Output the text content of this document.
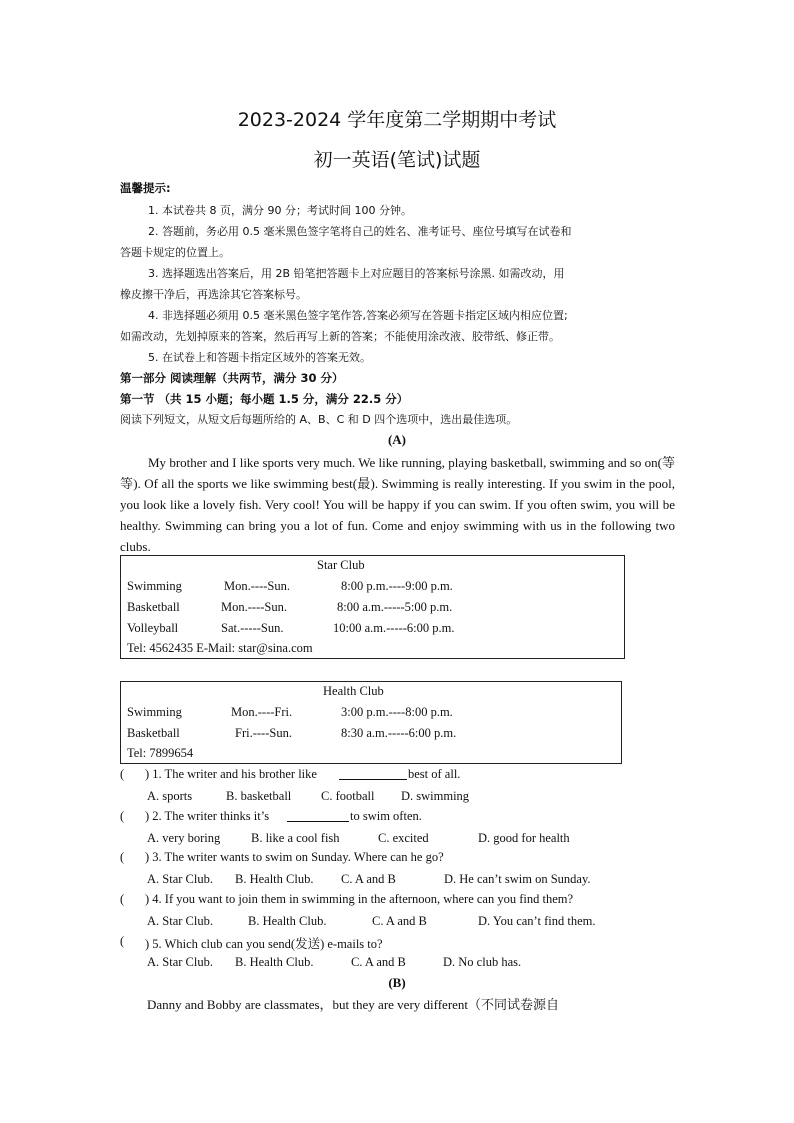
2023-2024 学年度第二学期期中考试
初一英语(笔试)试题
温馨提示:
1. 本试卷共 8 页，满分 90 分；考试时间 100 分钟。
2. 答题前，务必用 0.5 毫米黑色签字笔将自己的姓名、准考证号、座位号填写在试卷和
答题卡规定的位置上。
3. 选择题选出答案后，用 2B 铅笔把答题卡上对应题目的答案标号涂黑. 如需改动，用
橡皮擦干净后，再选涂其它答案标号。
4. 非选择题必须用 0.5 毫米黑色签字笔作答,答案必须写在答题卡指定区域内相应位置;
如需改动，先划掉原来的答案，然后再写上新的答案；不能使用涂改液、胶带纸、修正带。
5. 在试卷上和答题卡指定区域外的答案无效。
第一部分 阅读理解（共两节，满分 30 分）
第一节 （共 15 小题；每小题 1.5 分，满分 22.5 分）
阅读下列短文，从短文后每题所给的 A、B、C 和 D 四个选项中，选出最佳选项。
(A)
My brother and I like sports very much. We like running, playing basketball, swimming and so on(等等). Of all the sports we like swimming best(最). Swimming is really interesting. If you swim in the pool, you look like a lovely fish. Very cool! You will be happy if you can swim. If you often swim, you will be healthy. Swimming can bring you a lot of fun. Come and enjoy swimming with us in the following two clubs.
Star Club
Swimming	Mon.----Sun.	8:00 p.m.----9:00 p.m.
Basketball	Mon.----Sun.	8:00 a.m.-----5:00 p.m.
Volleyball	Sat.-----Sun.	10:00 a.m.-----6:00 p.m.
Tel: 4562435 E-Mail: star@sina.com
Health Club
Swimming	Mon.----Fri.	3:00 p.m.----8:00 p.m.
Basketball	Fri.----Sun.	8:30 a.m.-----6:00 p.m.
Tel: 7899654
( ) 1. The writer and his brother like	best of all.
A. sports	B. basketball C. football D. swimming
( ) 2. The writer thinks it’s	to swim often.
A. very boring B. like a cool fish	C. excited	D. good for health
( ) 3. The writer wants to swim on Sunday. Where can he go?
A. Star Club. B. Health Club. C. A and B	D. He can’t swim on Sunday.
( ) 4. If you want to join them in swimming in the afternoon, where can you find them?
A. Star Club.	B. Health Club.	C. A and B	D. You can’t find them.
( ) 5. Which club can you send(发送) e-mails to?
A. Star Club. B. Health Club.	C. A and B	D. No club has.
(B)
Danny and Bobby are classmates，but they are very different（不同试卷源自
